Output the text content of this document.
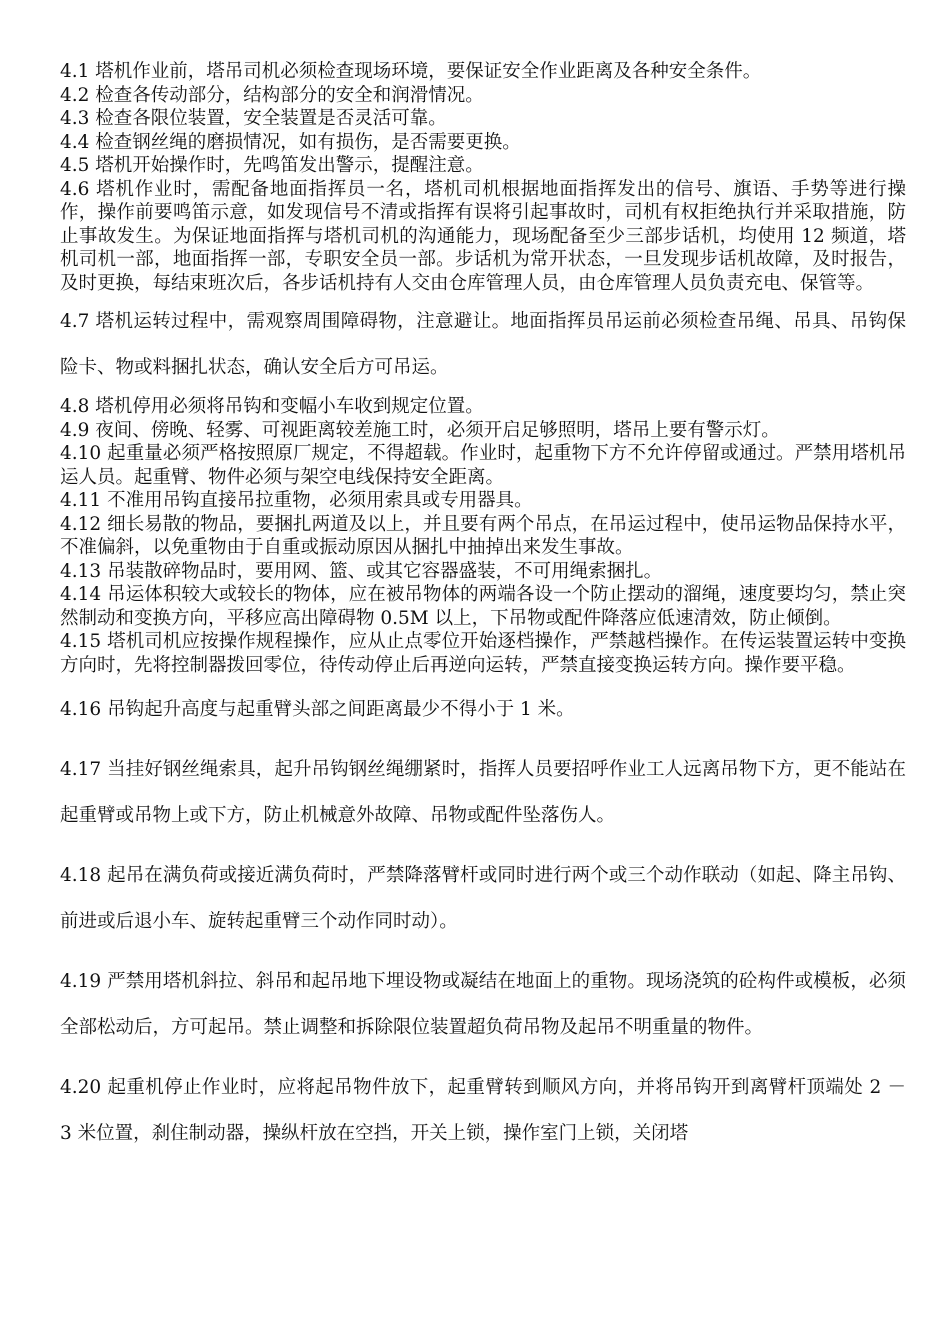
4.1 塔机作业前，塔吊司机必须检查现场环境，要保证安全作业距离及各种安全条件。

4.2 检查各传动部分，结构部分的安全和润滑情况。

4.3 检查各限位装置，安全装置是否灵活可靠。

4.4 检查钢丝绳的磨损情况，如有损伤，是否需要更换。

4.5 塔机开始操作时，先鸣笛发出警示，提醒注意。

4.6 塔机作业时，需配备地面指挥员一名，塔机司机根据地面指挥发出的信号、旗语、手势等进行操作，操作前要鸣笛示意，如发现信号不清或指挥有误将引起事故时，司机有权拒绝执行并采取措施，防止事故发生。为保证地面指挥与塔机司机的沟通能力，现场配备至少三部步话机，均使用 12 频道，塔机司机一部，地面指挥一部，专职安全员一部。步话机为常开状态，一旦发现步话机故障，及时报告，及时更换，每结束班次后，各步话机持有人交由仓库管理人员，由仓库管理人员负责充电、保管等。

4.7 塔机运转过程中，需观察周围障碍物，注意避让。地面指挥员吊运前必须检查吊绳、吊具、吊钩保险卡、物或料捆扎状态，确认安全后方可吊运。

4.8 塔机停用必须将吊钩和变幅小车收到规定位置。

4.9 夜间、傍晚、轻雾、可视距离较差施工时，必须开启足够照明，塔吊上要有警示灯。

4.10 起重量必须严格按照原厂规定，不得超载。作业时，起重物下方不允许停留或通过。严禁用塔机吊运人员。起重臂、物件必须与架空电线保持安全距离。

4.11 不准用吊钩直接吊拉重物，必须用索具或专用器具。

4.12 细长易散的物品，要捆扎两道及以上，并且要有两个吊点，在吊运过程中，使吊运物品保持水平，不准偏斜，以免重物由于自重或振动原因从捆扎中抽掉出来发生事故。

4.13 吊装散碎物品时，要用网、篮、或其它容器盛装，不可用绳索捆扎。

4.14 吊运体积较大或较长的物体，应在被吊物体的两端各设一个防止摆动的溜绳，速度要均匀，禁止突然制动和变换方向，平移应高出障碍物 0.5M 以上，下吊物或配件降落应低速清效，防止倾倒。

4.15 塔机司机应按操作规程操作，应从止点零位开始逐档操作，严禁越档操作。在传运装置运转中变换方向时，先将控制器拨回零位，待传动停止后再逆向运转，严禁直接变换运转方向。操作要平稳。

4.16 吊钩起升高度与起重臂头部之间距离最少不得小于 1 米。

4.17 当挂好钢丝绳索具，起升吊钩钢丝绳绷紧时，指挥人员要招呼作业工人远离吊物下方，更不能站在起重臂或吊物上或下方，防止机械意外故障、吊物或配件坠落伤人。

4.18 起吊在满负荷或接近满负荷时，严禁降落臂杆或同时进行两个或三个动作联动（如起、降主吊钩、前进或后退小车、旋转起重臂三个动作同时动）。

4.19 严禁用塔机斜拉、斜吊和起吊地下埋设物或凝结在地面上的重物。现场浇筑的砼构件或模板，必须全部松动后，方可起吊。禁止调整和拆除限位装置超负荷吊物及起吊不明重量的物件。

4.20 起重机停止作业时，应将起吊物件放下，起重臂转到顺风方向，并将吊钩开到离臂杆顶端处 2 － 3 米位置，刹住制动器，操纵杆放在空挡，开关上锁，操作室门上锁，关闭塔
